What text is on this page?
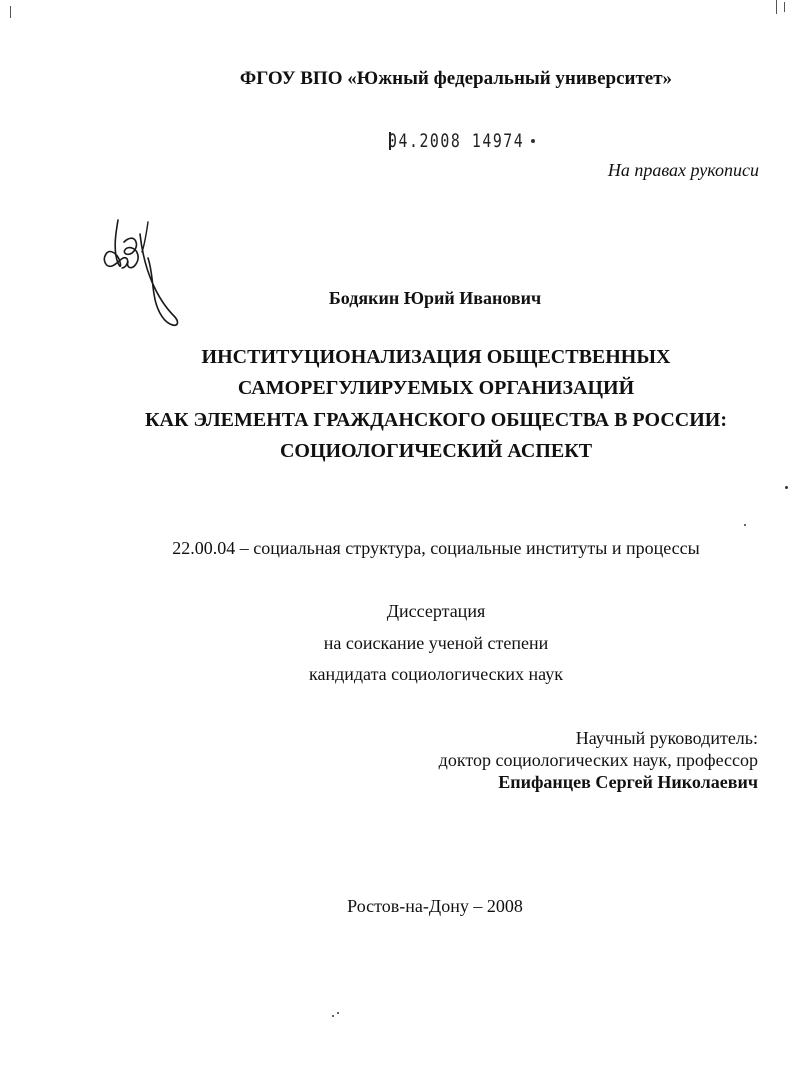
ФГОУ ВПО «Южный федеральный университет»
04.2008 14974
На правах рукописи
Бодякин Юрий Иванович
ИНСТИТУЦИОНАЛИЗАЦИЯ ОБЩЕСТВЕННЫХ
САМОРЕГУЛИРУЕМЫХ ОРГАНИЗАЦИЙ
КАК ЭЛЕМЕНТА ГРАЖДАНСКОГО ОБЩЕСТВА В РОССИИ:
СОЦИОЛОГИЧЕСКИЙ АСПЕКТ
22.00.04 – социальная структура, социальные институты и процессы
Диссертация
на соискание ученой степени
кандидата социологических наук
Научный руководитель:
доктор социологических наук, профессор
Епифанцев Сергей Николаевич
Ростов-на-Дону – 2008
